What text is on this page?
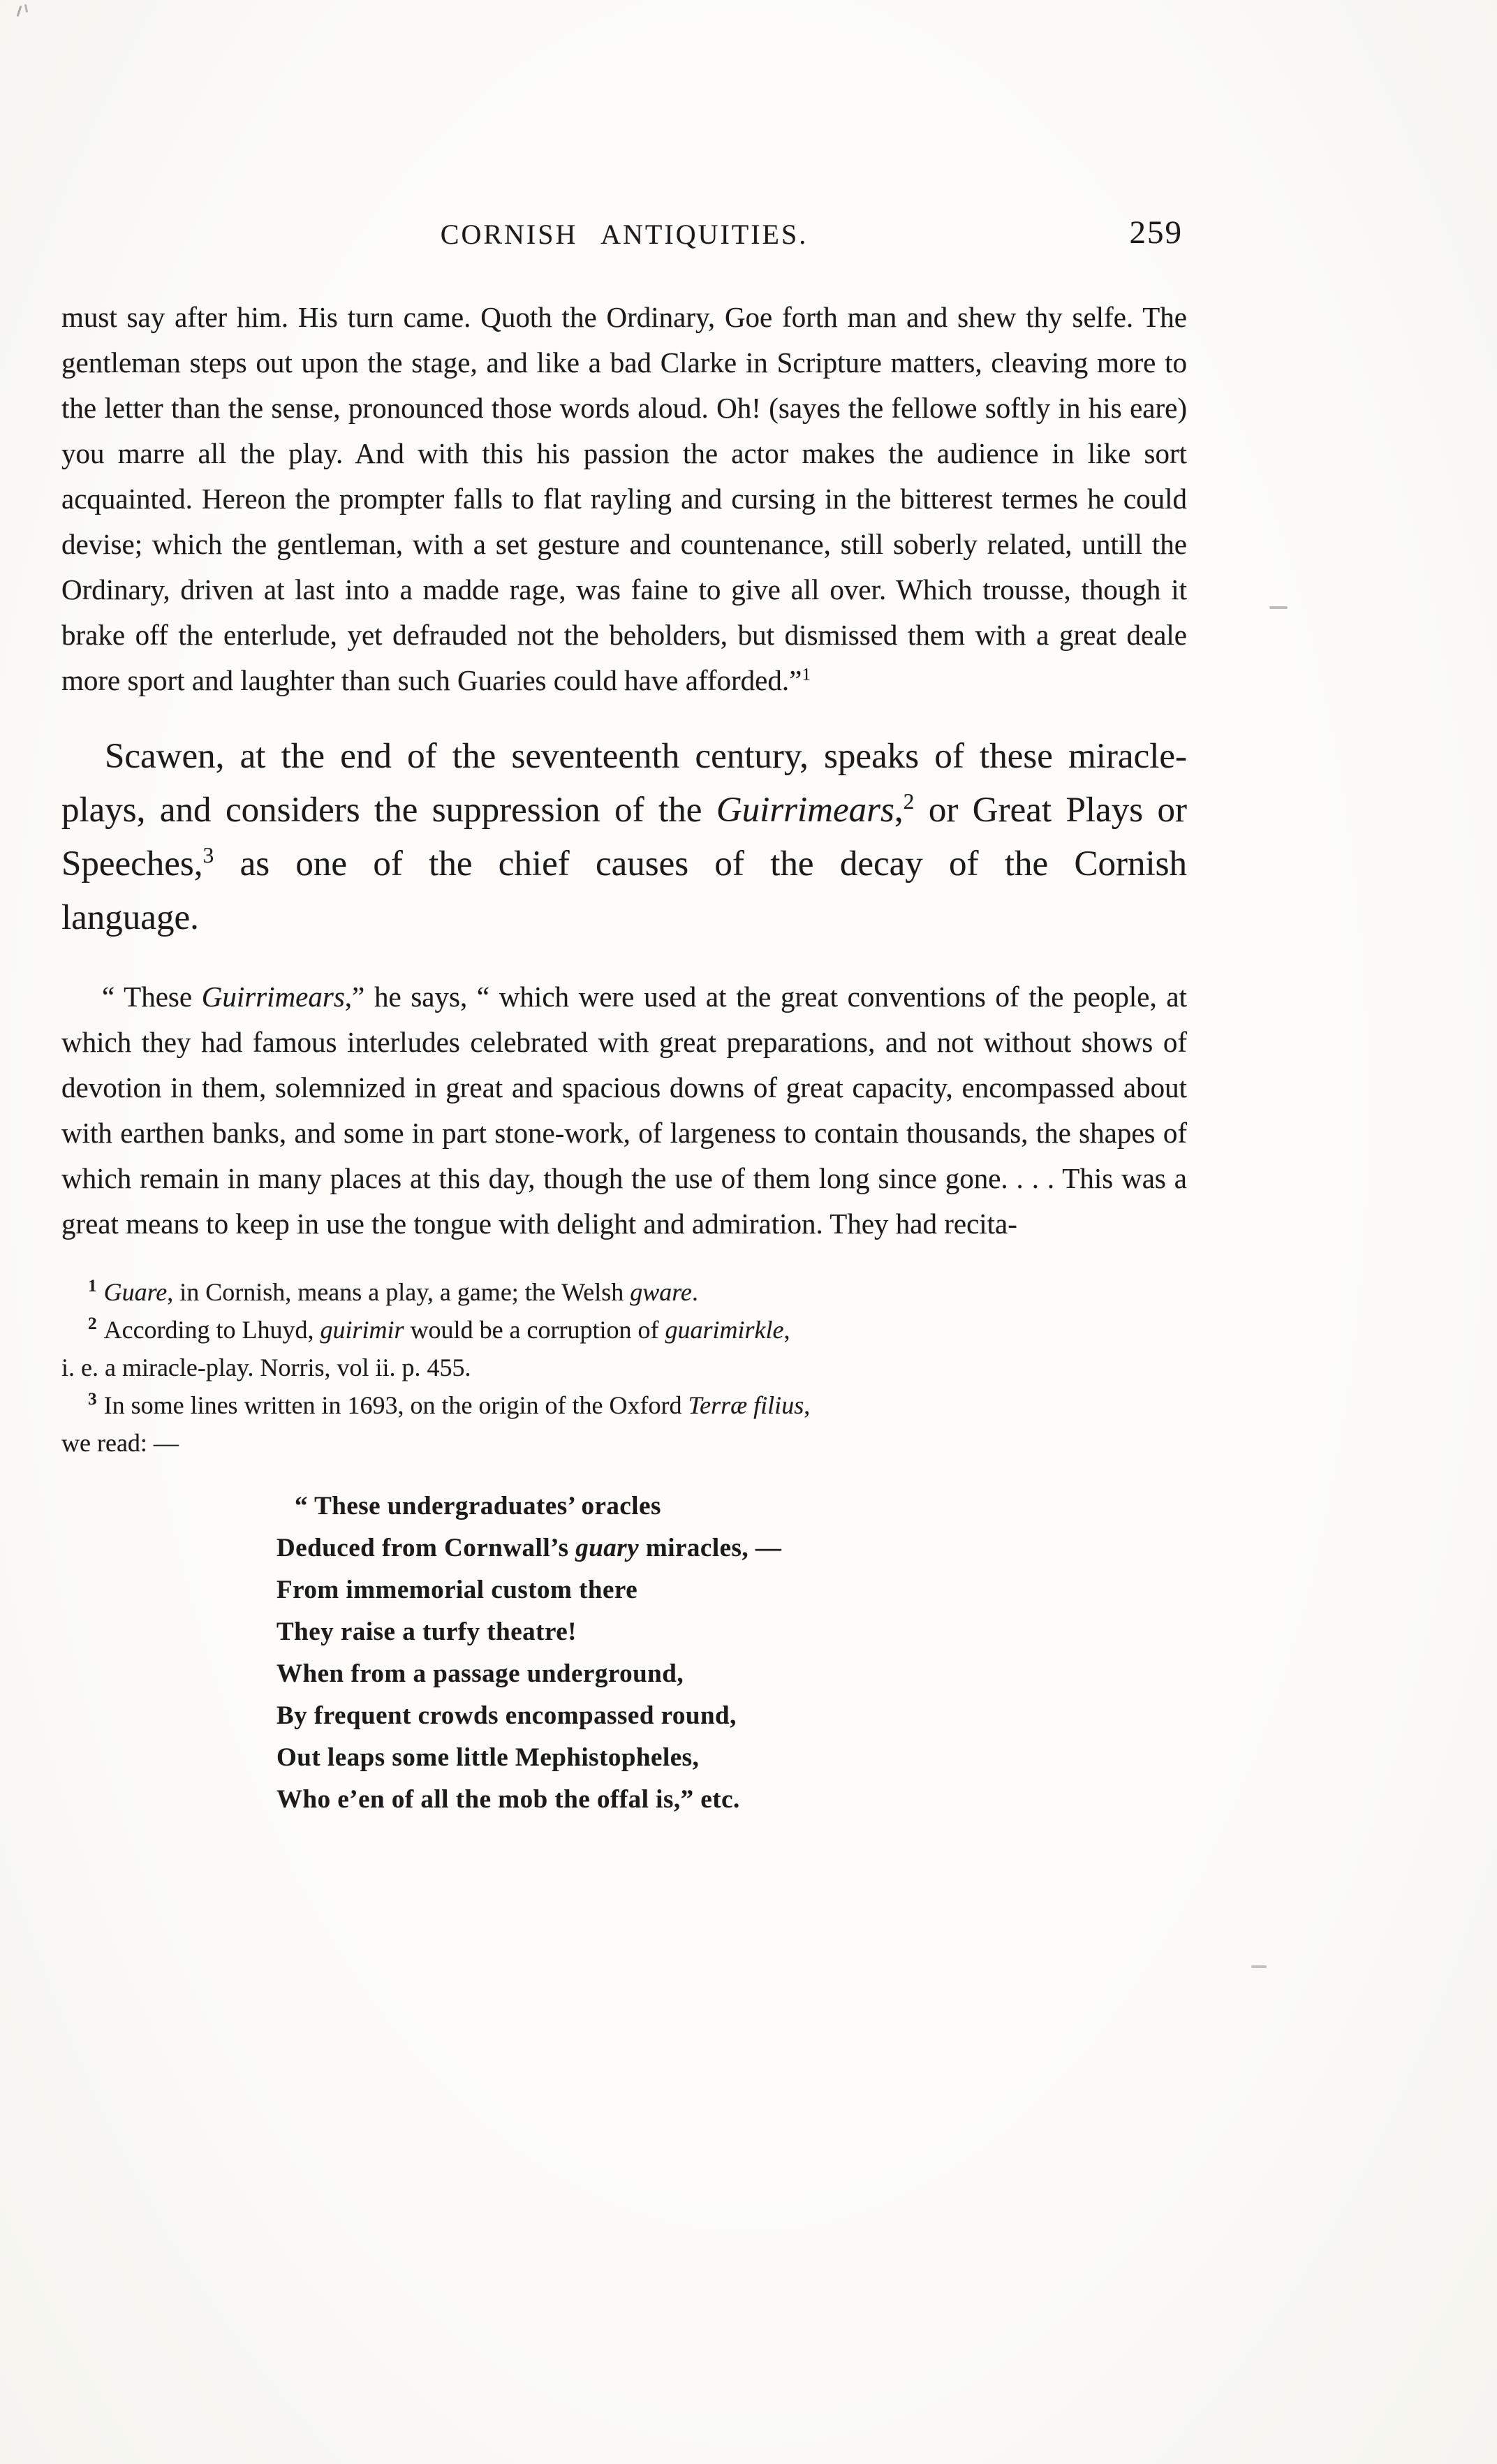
CORNISH ANTIQUITIES.	259

must say after him. His turn came. Quoth the Ordinary, Goe forth man and shew thy selfe. The gentleman steps out upon the stage, and like a bad Clarke in Scripture matters, cleaving more to the letter than the sense, pronounced those words aloud. Oh! (sayes the fellowe softly in his eare) you marre all the play. And with this his passion the actor makes the audience in like sort acquainted. Hereon the prompter falls to flat rayling and cursing in the bitterest termes he could devise; which the gentleman, with a set gesture and countenance, still soberly related, untill the Ordinary, driven at last into a madde rage, was faine to give all over. Which trousse, though it brake off the enterlude, yet defrauded not the beholders, but dismissed them with a great deale more sport and laughter than such Guaries could have afforded.”$^1$

Scawen, at the end of the seventeenth century, speaks of these miracle-plays, and considers the suppression of the Guirrimears,$^2$ or Great Plays or Speeches,$^3$ as one of the chief causes of the decay of the Cornish language.

“ These Guirrimears,” he says, “ which were used at the great conventions of the people, at which they had famous interludes celebrated with great preparations, and not without shows of devotion in them, solemnized in great and spacious downs of great capacity, encompassed about with earthen banks, and some in part stone-work, of largeness to contain thousands, the shapes of which remain in many places at this day, though the use of them long since gone. . . . This was a great means to keep in use the tongue with delight and admiration. They had recita-

$^1$ Guare, in Cornish, means a play, a game; the Welsh gware.

$^2$ According to Lhuyd, guirimir would be a corruption of guarimirkle,
i. e. a miracle-play. Norris, vol ii. p. 455.

$^3$ In some lines written in 1693, on the origin of the Oxford Terræ filius,
we read: —

“ These undergraduates’ oracles
Deduced from Cornwall’s guary miracles, —
From immemorial custom there
They raise a turfy theatre!
When from a passage underground,
By frequent crowds encompassed round,
Out leaps some little Mephistopheles,
Who e’en of all the mob the offal is,” etc.
